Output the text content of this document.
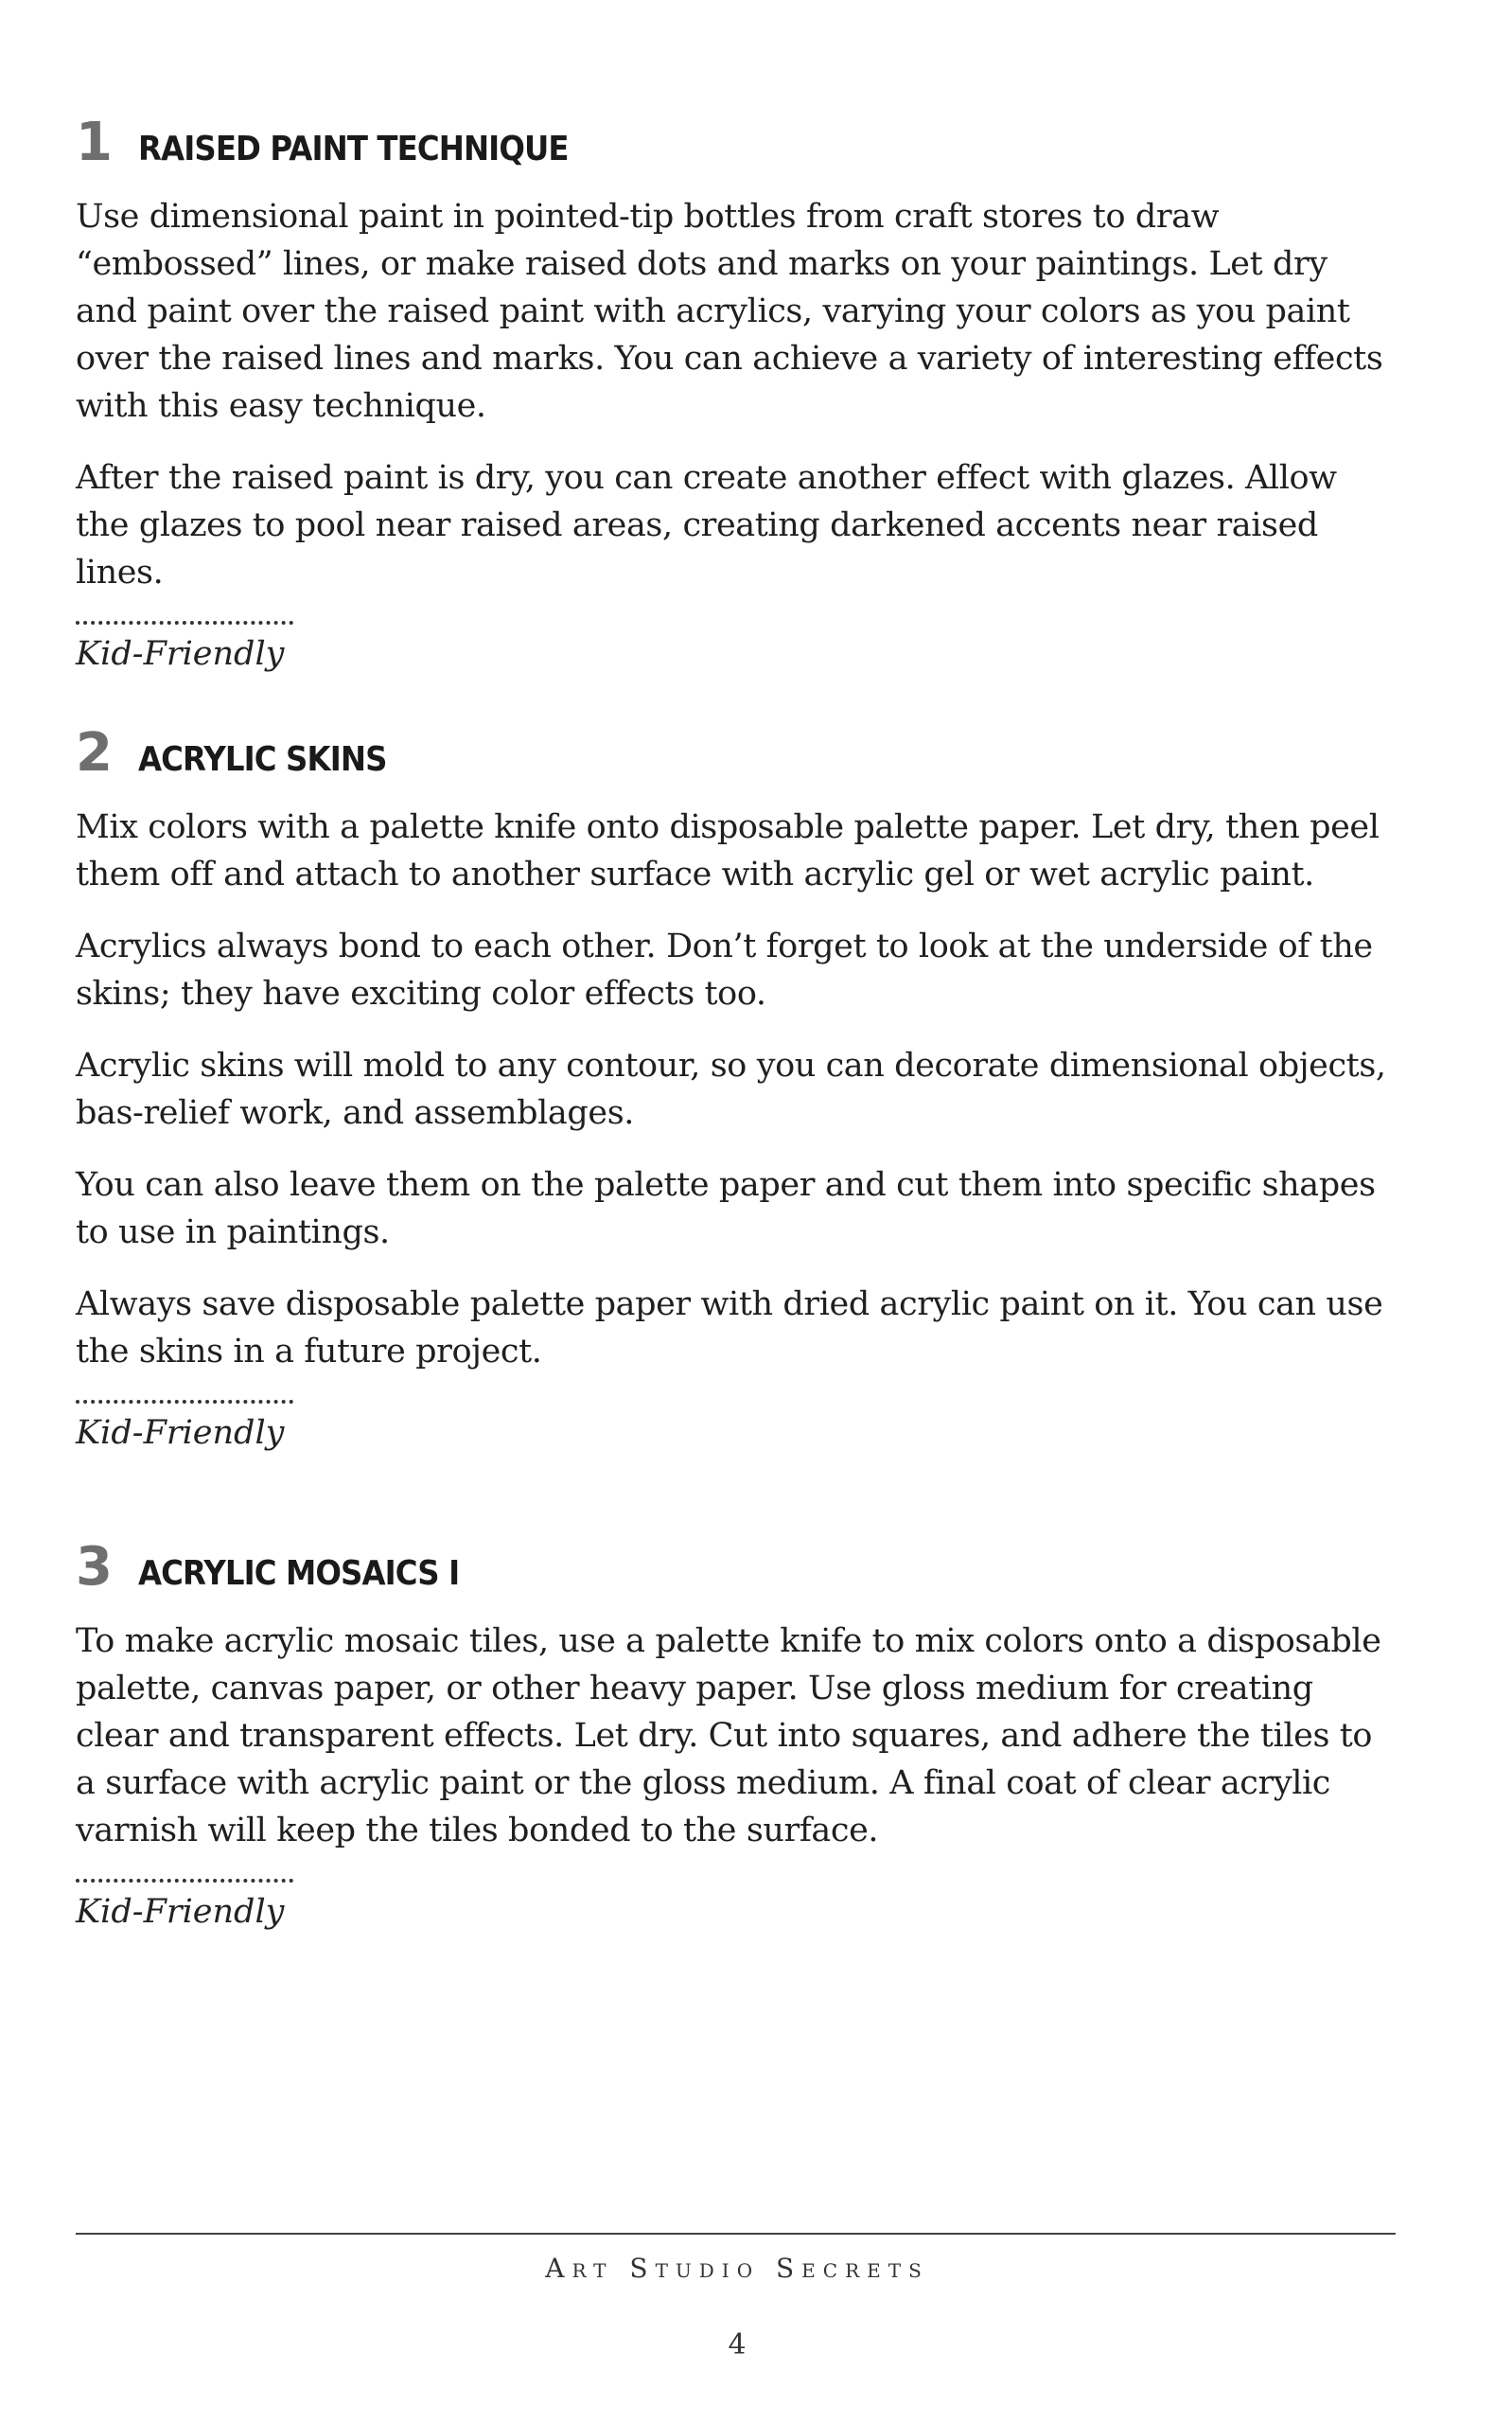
1 RAISED PAINT TECHNIQUE

Use dimensional paint in pointed-tip bottles from craft stores to draw “embossed” lines, or make raised dots and marks on your paintings. Let dry and paint over the raised paint with acrylics, varying your colors as you paint over the raised lines and marks. You can achieve a variety of interesting effects with this easy technique.

After the raised paint is dry, you can create another effect with glazes. Allow the glazes to pool near raised areas, creating darkened accents near raised lines.

Kid-Friendly

2 ACRYLIC SKINS

Mix colors with a palette knife onto disposable palette paper. Let dry, then peel them off and attach to another surface with acrylic gel or wet acrylic paint.

Acrylics always bond to each other. Don’t forget to look at the underside of the skins; they have exciting color effects too.

Acrylic skins will mold to any contour, so you can decorate dimensional objects, bas-relief work, and assemblages.

You can also leave them on the palette paper and cut them into specific shapes to use in paintings.

Always save disposable palette paper with dried acrylic paint on it. You can use the skins in a future project.

Kid-Friendly

3 ACRYLIC MOSAICS I

To make acrylic mosaic tiles, use a palette knife to mix colors onto a disposable palette, canvas paper, or other heavy paper. Use gloss medium for creating clear and transparent effects. Let dry. Cut into squares, and adhere the tiles to a surface with acrylic paint or the gloss medium. A final coat of clear acrylic varnish will keep the tiles bonded to the surface.

Kid-Friendly

Art Studio Secrets
4
